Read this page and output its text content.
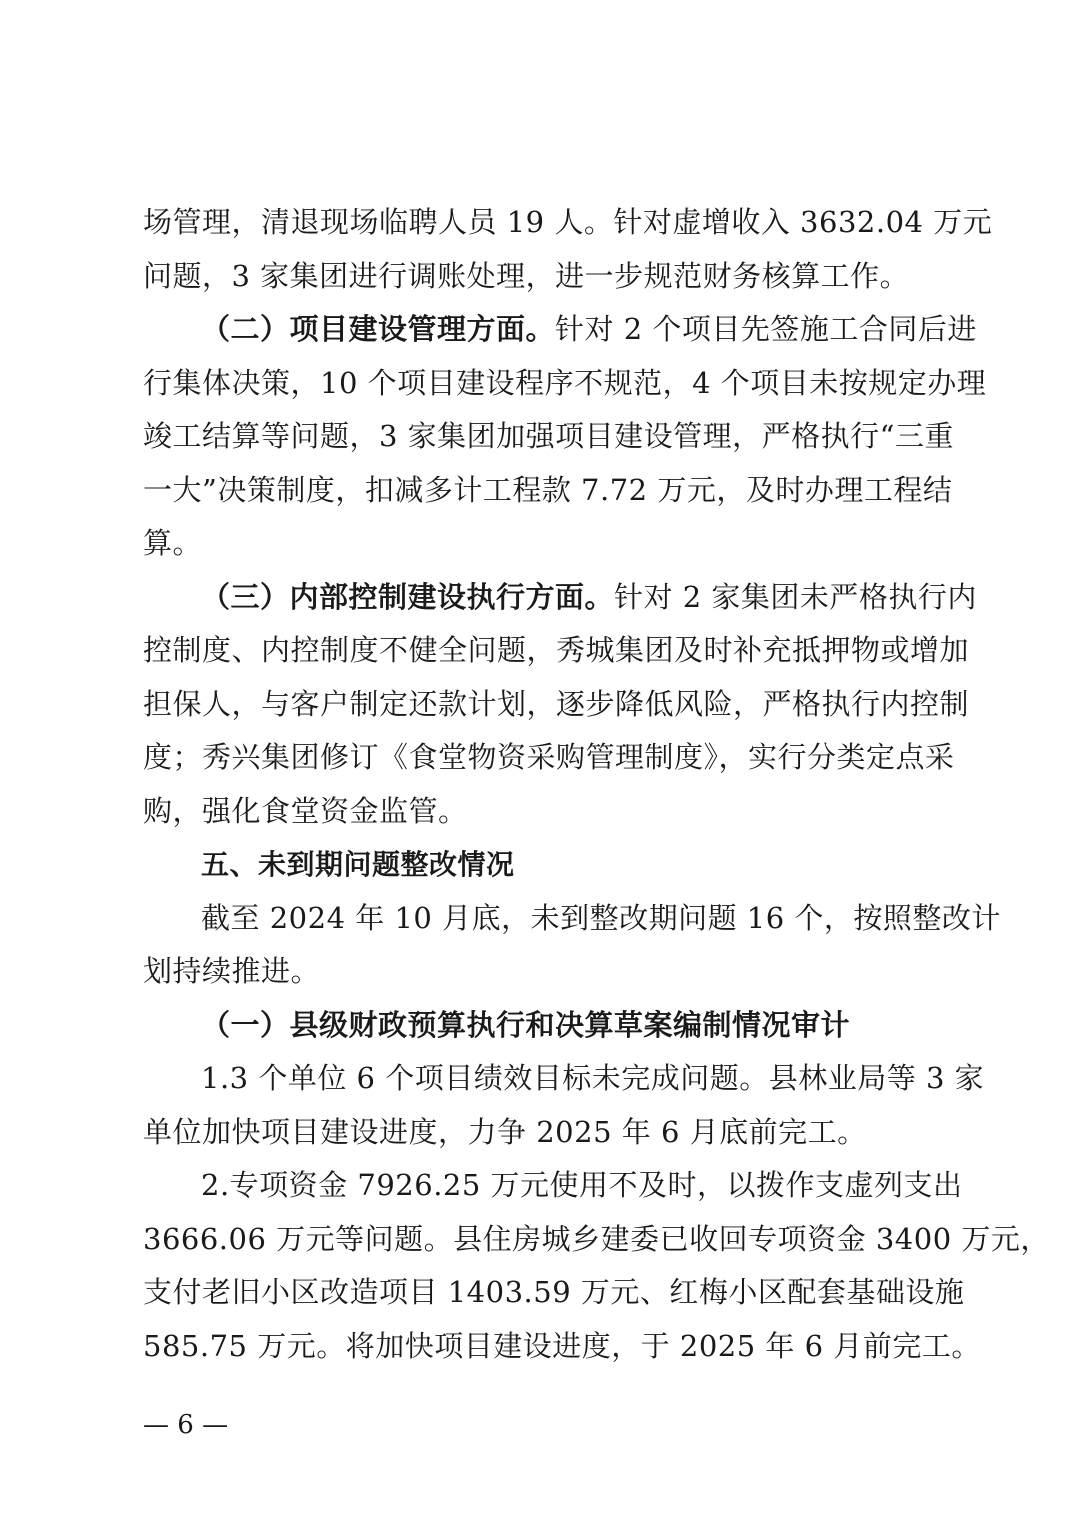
场管理，清退现场临聘人员 19 人。针对虚增收入 3632.04 万元
问题，3 家集团进行调账处理，进一步规范财务核算工作。
（二）项目建设管理方面。针对 2 个项目先签施工合同后进
行集体决策，10 个项目建设程序不规范，4 个项目未按规定办理
竣工结算等问题，3 家集团加强项目建设管理，严格执行“三重
一大”决策制度，扣减多计工程款 7.72 万元，及时办理工程结
算。
（三）内部控制建设执行方面。针对 2 家集团未严格执行内
控制度、内控制度不健全问题，秀城集团及时补充抵押物或增加
担保人，与客户制定还款计划，逐步降低风险，严格执行内控制
度；秀兴集团修订《食堂物资采购管理制度》，实行分类定点采
购，强化食堂资金监管。
五、未到期问题整改情况
截至 2024 年 10 月底，未到整改期问题 16 个，按照整改计
划持续推进。
（一）县级财政预算执行和决算草案编制情况审计
1.3 个单位 6 个项目绩效目标未完成问题。县林业局等 3 家
单位加快项目建设进度，力争 2025 年 6 月底前完工。
2.专项资金 7926.25 万元使用不及时，以拨作支虚列支出
3666.06 万元等问题。县住房城乡建委已收回专项资金 3400 万元，
支付老旧小区改造项目 1403.59 万元、红梅小区配套基础设施
585.75 万元。将加快项目建设进度，于 2025 年 6 月前完工。
— 6 —
